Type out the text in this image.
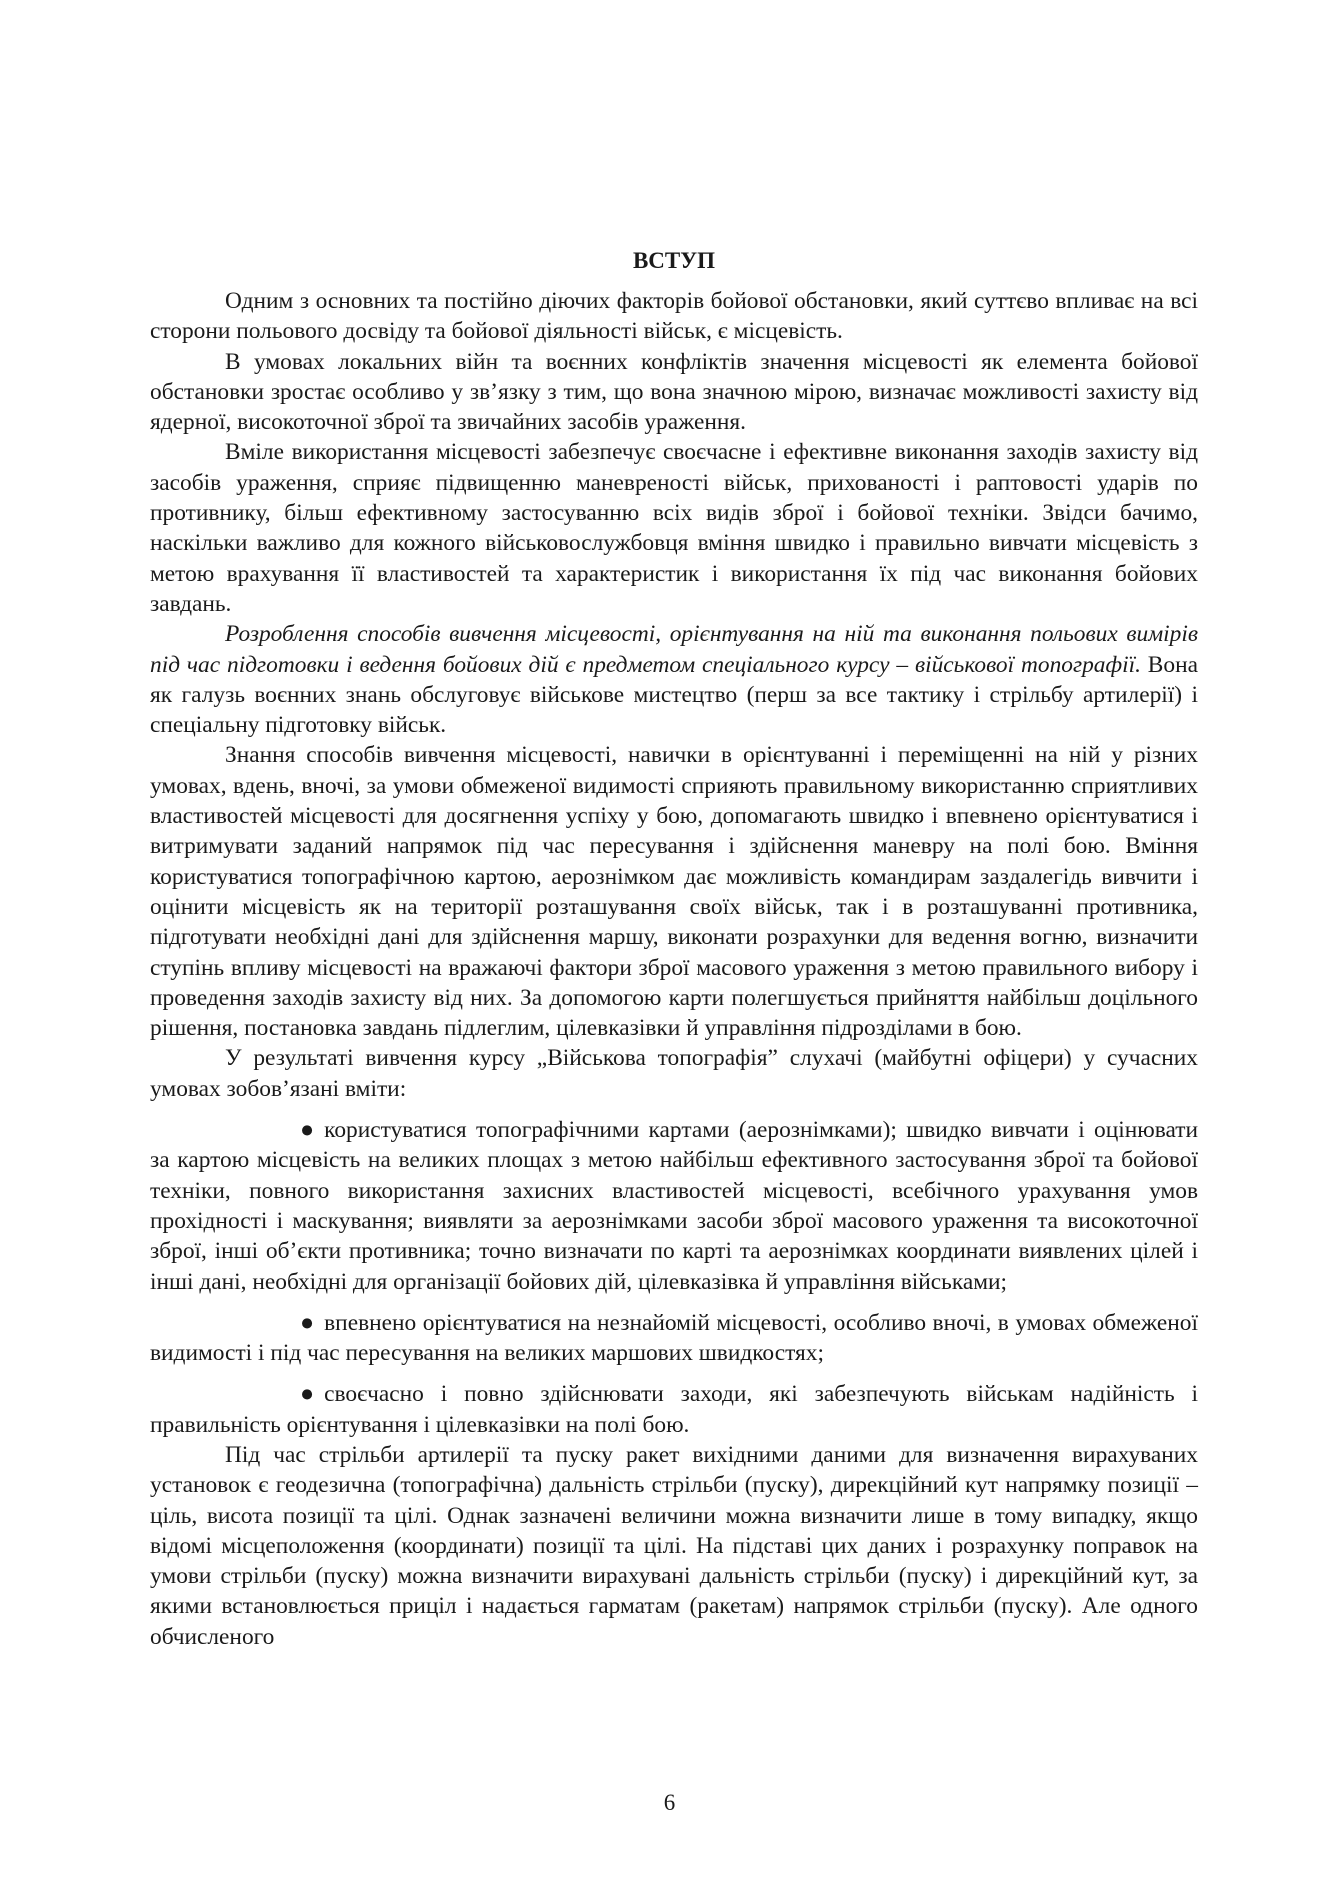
ВСТУП

Одним з основних та постійно діючих факторів бойової обстановки, який суттєво впливає на всі сторони польового досвіду та бойової діяльності військ, є місцевість.

В умовах локальних війн та воєнних конфліктів значення місцевості як елемента бойової обстановки зростає особливо у зв’язку з тим, що вона значною мірою, визначає можливості захисту від ядерної, високоточної зброї та звичайних засобів ураження.

Вміле використання місцевості забезпечує своєчасне і ефективне виконання заходів захисту від засобів ураження, сприяє підвищенню маневреності військ, прихованості і раптовості ударів по противнику, більш ефективному застосуванню всіх видів зброї і бойової техніки. Звідси бачимо, наскільки важливо для кожного військовослужбовця вміння швидко і правильно вивчати місцевість з метою врахування її властивостей та характеристик і використання їх під час виконання бойових завдань.

Розроблення способів вивчення місцевості, орієнтування на ній та виконання польових вимірів під час підготовки і ведення бойових дій є предметом спеціального курсу – військової топографії. Вона як галузь воєнних знань обслуговує військове мистецтво (перш за все тактику і стрільбу артилерії) і спеціальну підготовку військ.

Знання способів вивчення місцевості, навички в орієнтуванні і переміщенні на ній у різних умовах, вдень, вночі, за умови обмеженої видимості сприяють правильному використанню сприятливих властивостей місцевості для досягнення успіху у бою, допомагають швидко і впевнено орієнтуватися і витримувати заданий напрямок під час пересування і здійснення маневру на полі бою. Вміння користуватися топографічною картою, аерознімком дає можливість командирам заздалегідь вивчити і оцінити місцевість як на території розташування своїх військ, так і в розташуванні противника, підготувати необхідні дані для здійснення маршу, виконати розрахунки для ведення вогню, визначити ступінь впливу місцевості на вражаючі фактори зброї масового ураження з метою правильного вибору і проведення заходів захисту від них. За допомогою карти полегшується прийняття найбільш доцільного рішення, постановка завдань підлеглим, цілевказівки й управління підрозділами в бою.

У результаті вивчення курсу „Військова топографія” слухачі (майбутні офіцери) у сучасних умовах зобов’язані вміти:

● користуватися топографічними картами (аерознімками); швидко вивчати і оцінювати за картою місцевість на великих площах з метою найбільш ефективного застосування зброї та бойової техніки, повного використання захисних властивостей місцевості, всебічного урахування умов прохідності і маскування; виявляти за аерознімками засоби зброї масового ураження та високоточної зброї, інші об’єкти противника; точно визначати по карті та аерознімках координати виявлених цілей і інші дані, необхідні для організації бойових дій, цілевказівка й управління військами;

● впевнено орієнтуватися на незнайомій місцевості, особливо вночі, в умовах обмеженої видимості і під час пересування на великих маршових швидкостях;

● своєчасно і повно здійснювати заходи, які забезпечують військам надійність і правильність орієнтування і цілевказівки на полі бою.

Під час стрільби артилерії та пуску ракет вихідними даними для визначення вирахуваних установок є геодезична (топографічна) дальність стрільби (пуску), дирекційний кут напрямку позиції – ціль, висота позиції та цілі. Однак зазначені величини можна визначити лише в тому випадку, якщо відомі місцеположення (координати) позиції та цілі. На підставі цих даних і розрахунку поправок на умови стрільби (пуску) можна визначити вирахувані дальність стрільби (пуску) і дирекційний кут, за якими встановлюється приціл і надається гарматам (ракетам) напрямок стрільби (пуску). Але одного обчисленого

6
